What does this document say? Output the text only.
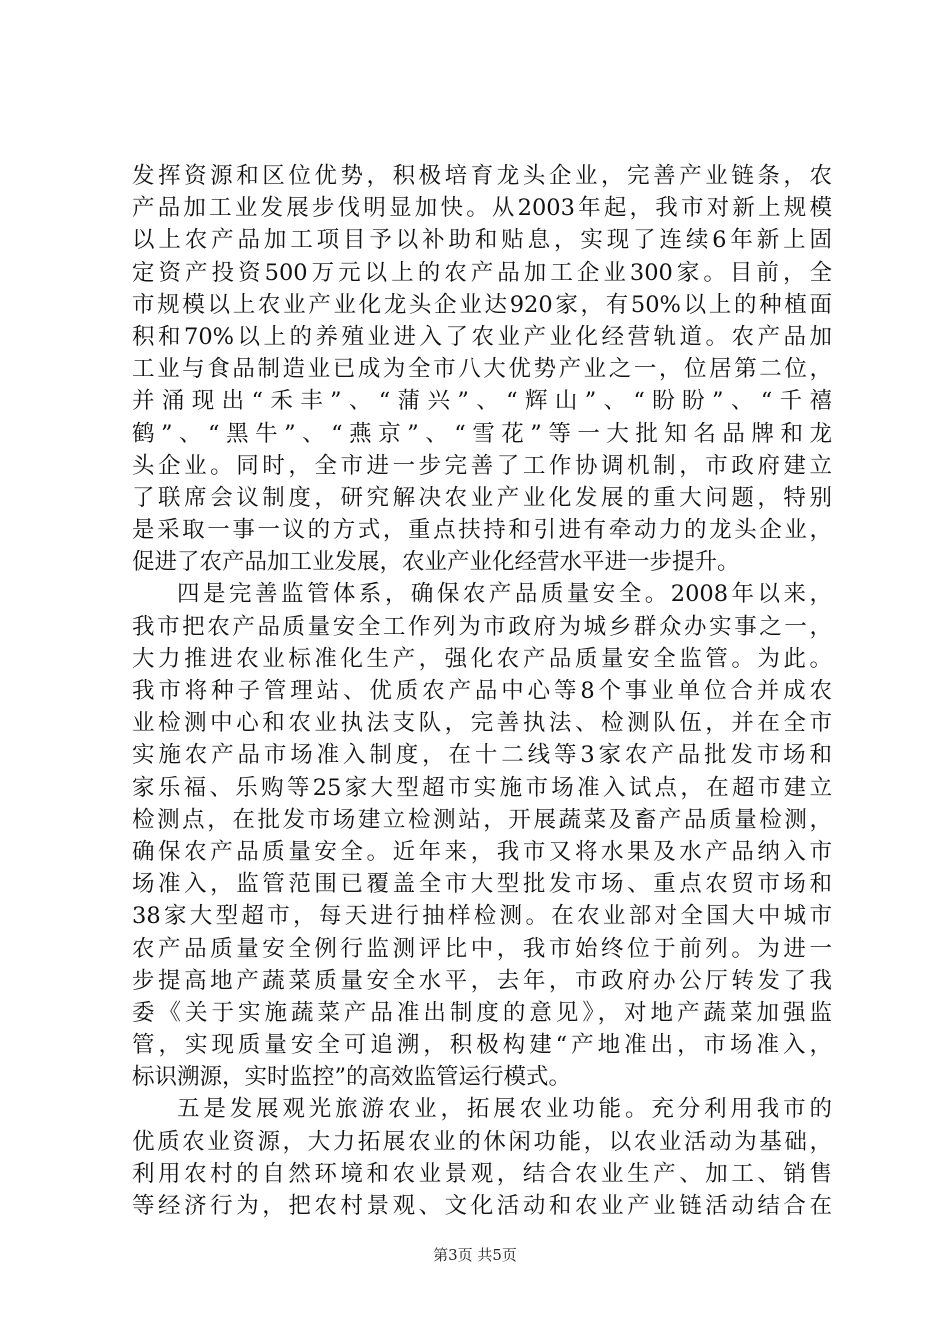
发挥资源和区位优势，积极培育龙头企业，完善产业链条，农
产品加工业发展步伐明显加快。从2003年起，我市对新上规模
以上农产品加工项目予以补助和贴息，实现了连续6年新上固
定资产投资500万元以上的农产品加工企业300家。目前，全
市规模以上农业产业化龙头企业达920家，有50%以上的种植面
积和70%以上的养殖业进入了农业产业化经营轨道。农产品加
工业与食品制造业已成为全市八大优势产业之一，位居第二位，
并涌现出“禾丰”、“蒲兴”、“辉山”、“盼盼”、“千禧
鹤”、“黑牛”、“燕京”、“雪花”等一大批知名品牌和龙
头企业。同时，全市进一步完善了工作协调机制，市政府建立
了联席会议制度，研究解决农业产业化发展的重大问题，特别
是采取一事一议的方式，重点扶持和引进有牵动力的龙头企业，
促进了农产品加工业发展，农业产业化经营水平进一步提升。
四是完善监管体系，确保农产品质量安全。2008年以来，
我市把农产品质量安全工作列为市政府为城乡群众办实事之一，
大力推进农业标准化生产，强化农产品质量安全监管。为此。
我市将种子管理站、优质农产品中心等8个事业单位合并成农
业检测中心和农业执法支队，完善执法、检测队伍，并在全市
实施农产品市场准入制度，在十二线等3家农产品批发市场和
家乐福、乐购等25家大型超市实施市场准入试点，在超市建立
检测点，在批发市场建立检测站，开展蔬菜及畜产品质量检测，
确保农产品质量安全。近年来，我市又将水果及水产品纳入市
场准入，监管范围已覆盖全市大型批发市场、重点农贸市场和
38家大型超市，每天进行抽样检测。在农业部对全国大中城市
农产品质量安全例行监测评比中，我市始终位于前列。为进一
步提高地产蔬菜质量安全水平，去年，市政府办公厅转发了我
委《关于实施蔬菜产品准出制度的意见》，对地产蔬菜加强监
管，实现质量安全可追溯，积极构建“产地准出，市场准入，
标识溯源，实时监控”的高效监管运行模式。
五是发展观光旅游农业，拓展农业功能。充分利用我市的
优质农业资源，大力拓展农业的休闲功能，以农业活动为基础，
利用农村的自然环境和农业景观，结合农业生产、加工、销售
等经济行为，把农村景观、文化活动和农业产业链活动结合在
第3页 共5页
